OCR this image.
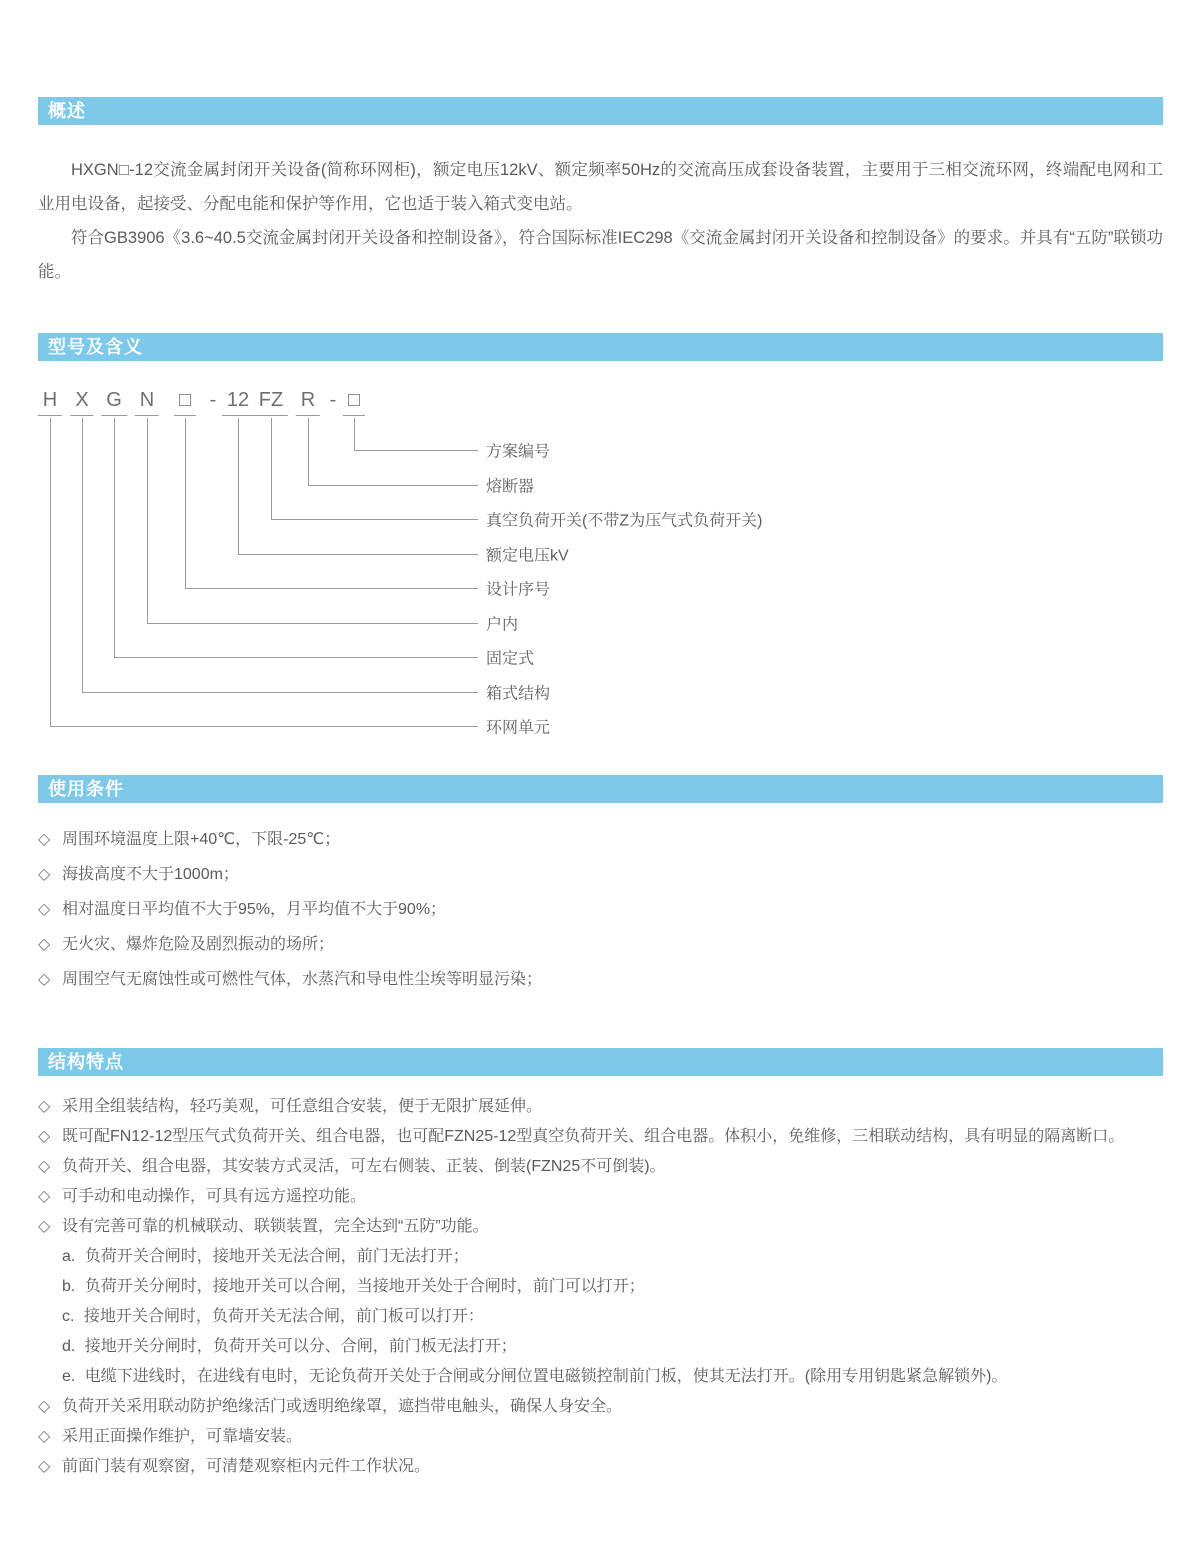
概述

HXGN□-12交流金属封闭开关设备(简称环网柜)，额定电压12kV、额定频率50Hz的交流高压成套设备装置，主要用于三相交流环网，终端配电网和工业用电设备，起接受、分配电能和保护等作用，它也适于装入箱式变电站。

符合GB3906《3.6~40.5交流金属封闭开关设备和控制设备》，符合国际标准IEC298《交流金属封闭开关设备和控制设备》的要求。并具有“五防”联锁功能。

型号及含义
H X G N □ - 12 FZ R - □
方案编号
熔断器
真空负荷开关(不带Z为压气式负荷开关)
额定电压kV
设计序号
户内
固定式
箱式结构
环网单元
使用条件
◇ 周围环境温度上限+40℃，下限-25℃；
◇ 海拔高度不大于1000m；
◇ 相对温度日平均值不大于95%，月平均值不大于90%；
◇ 无火灾、爆炸危险及剧烈振动的场所；
◇ 周围空气无腐蚀性或可燃性气体，水蒸汽和导电性尘埃等明显污染；
结构特点
◇ 采用全组装结构，轻巧美观，可任意组合安装，便于无限扩展延伸。
◇ 既可配FN12-12型压气式负荷开关、组合电器，也可配FZN25-12型真空负荷开关、组合电器。体积小，免维修，三相联动结构，具有明显的隔离断口。
◇ 负荷开关、组合电器，其安装方式灵活，可左右侧装、正装、倒装(FZN25不可倒装)。
◇ 可手动和电动操作，可具有远方遥控功能。
◇ 设有完善可靠的机械联动、联锁装置，完全达到“五防”功能。
a. 负荷开关合闸时，接地开关无法合闸，前门无法打开；
b. 负荷开关分闸时，接地开关可以合闸，当接地开关处于合闸时，前门可以打开；
c. 接地开关合闸时，负荷开关无法合闸，前门板可以打开：
d. 接地开关分闸时，负荷开关可以分、合闸，前门板无法打开；
e. 电缆下进线时，在进线有电时，无论负荷开关处于合闸或分闸位置电磁锁控制前门板，使其无法打开。(除用专用钥匙紧急解锁外)。
◇ 负荷开关采用联动防护绝缘活门或透明绝缘罩，遮挡带电触头，确保人身安全。
◇ 采用正面操作维护，可靠墙安装。
◇ 前面门装有观察窗，可清楚观察柜内元件工作状况。
